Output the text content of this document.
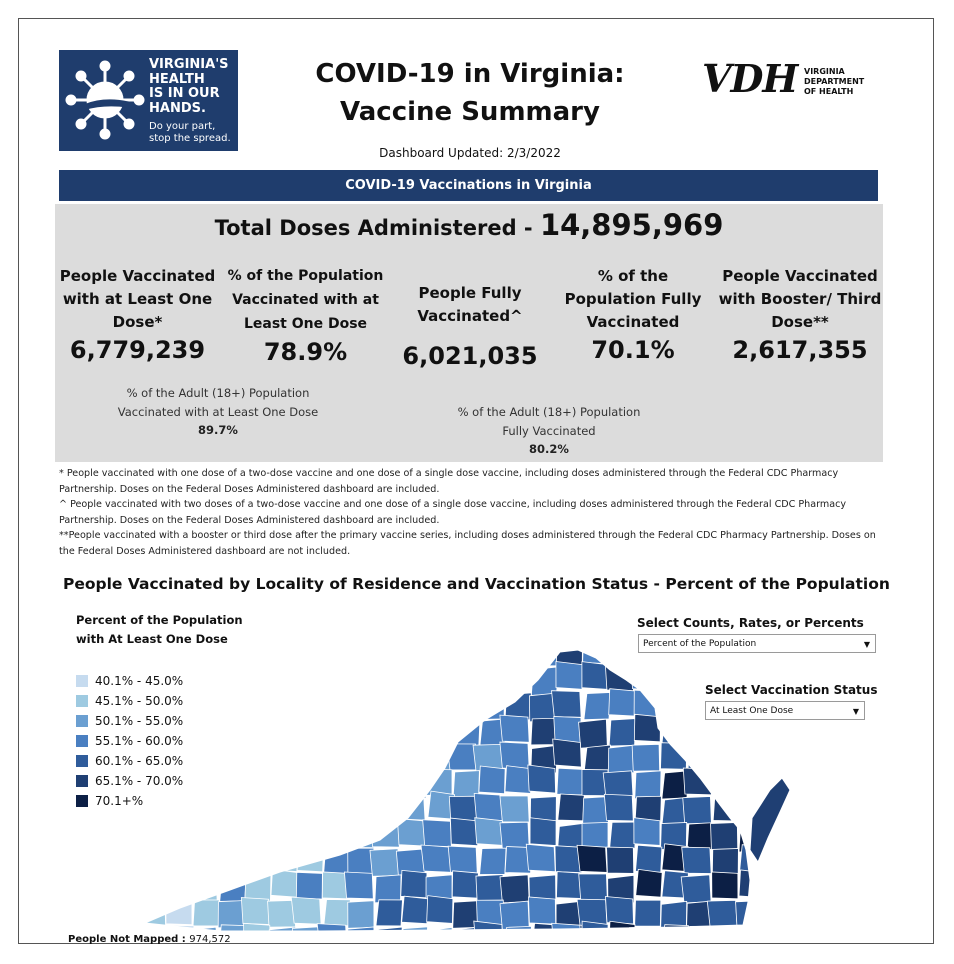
VIRGINIA'S
HEALTH
IS IN OUR
HANDS.
Do your part,
stop the spread.
COVID-19 in Virginia:
Vaccine Summary
Dashboard Updated: 2/3/2022
VDH VIRGINIA
DEPARTMENT
OF HEALTH
COVID-19 Vaccinations in Virginia
Total Doses Administered - 14,895,969
People Vaccinated with at Least One Dose*
6,779,239
% of the Population Vaccinated with at Least One Dose
78.9%
People Fully Vaccinated^
6,021,035
% of the Population Fully Vaccinated
70.1%
People Vaccinated with Booster/ Third Dose**
2,617,355
% of the Adult (18+) Population Vaccinated with at Least One Dose
89.7%
% of the Adult (18+) Population Fully Vaccinated
80.2%

* People vaccinated with one dose of a two-dose vaccine and one dose of a single dose vaccine, including doses administered through the Federal CDC Pharmacy Partnership. Doses on the Federal Doses Administered dashboard are included.

^ People vaccinated with two doses of a two-dose vaccine and one dose of a single dose vaccine, including doses administered through the Federal CDC Pharmacy Partnership. Doses on the Federal Doses Administered dashboard are included.

**People vaccinated with a booster or third dose after the primary vaccine series, including doses administered through the Federal CDC Pharmacy Partnership. Doses on the Federal Doses Administered dashboard are not included.

People Vaccinated by Locality of Residence and Vaccination Status - Percent of the Population
Percent of the Population
with At Least One Dose
40.1% - 45.0%
45.1% - 50.0%
50.1% - 55.0%
55.1% - 60.0%
60.1% - 65.0%
65.1% - 70.0%
70.1+%
Select Counts, Rates, or Percents
Percent of the Population	▼
Select Vaccination Status
At Least One Dose	▼
People Not Mapped : 974,572
